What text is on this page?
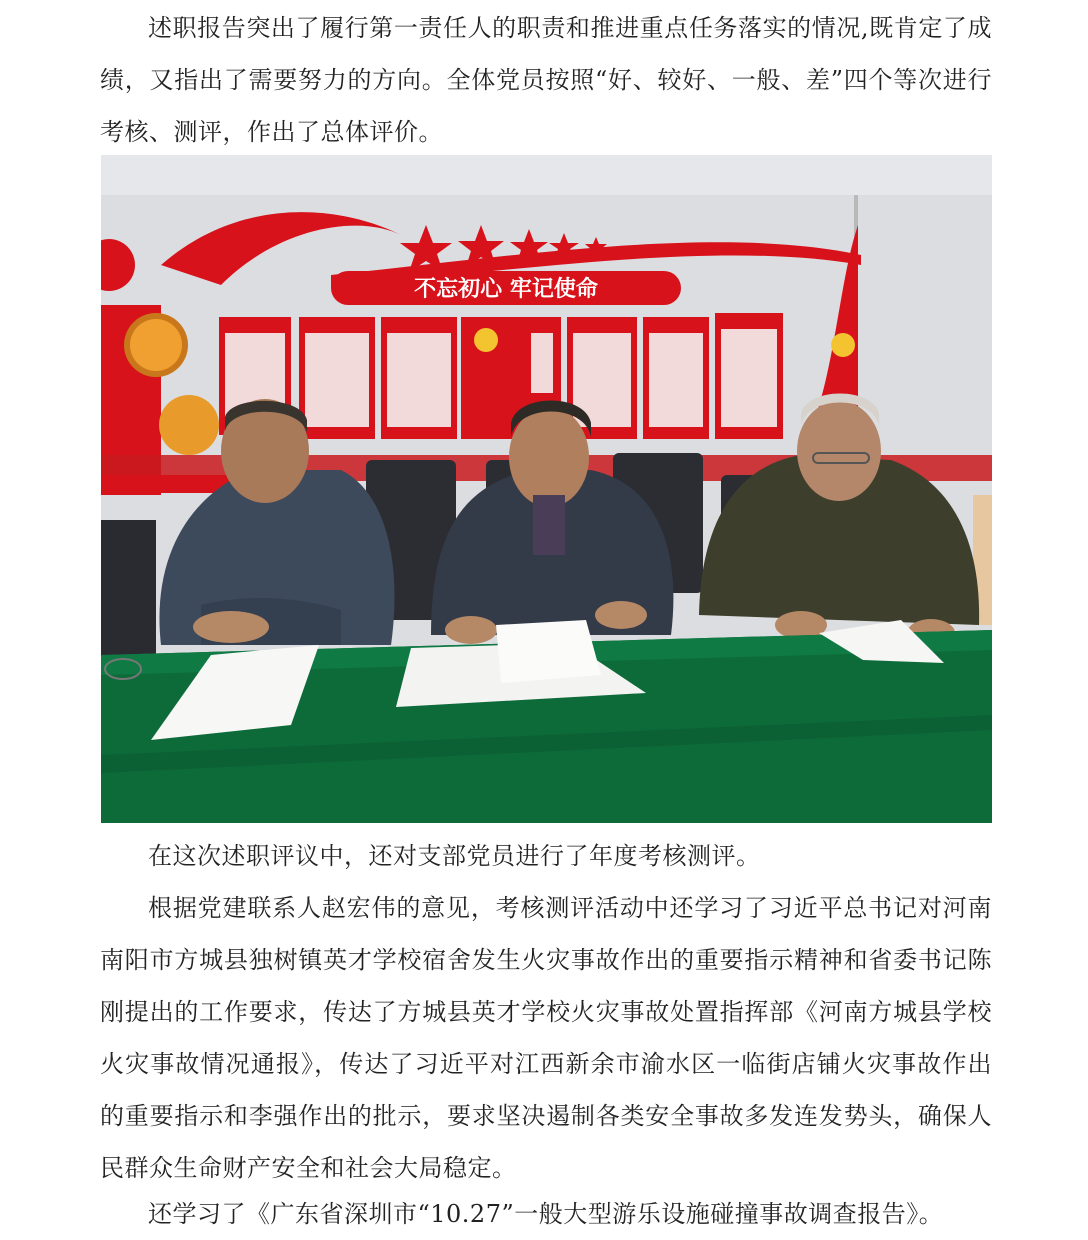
述职报告突出了履行第一责任人的职责和推进重点任务落实的情况,既肯定了成绩，又指出了需要努力的方向。全体党员按照“好、较好、一般、差”四个等次进行考核、测评，作出了总体评价。

不忘初心 牢记使命

在这次述职评议中，还对支部党员进行了年度考核测评。

根据党建联系人赵宏伟的意见，考核测评活动中还学习了习近平总书记对河南南阳市方城县独树镇英才学校宿舍发生火灾事故作出的重要指示精神和省委书记陈刚提出的工作要求，传达了方城县英才学校火灾事故处置指挥部《河南方城县学校火灾事故情况通报》，传达了习近平对江西新余市渝水区一临街店铺火灾事故作出的重要指示和李强作出的批示，要求坚决遏制各类安全事故多发连发势头，确保人民群众生命财产安全和社会大局稳定。

还学习了《广东省深圳市“10.27”一般大型游乐设施碰撞事故调查报告》。
